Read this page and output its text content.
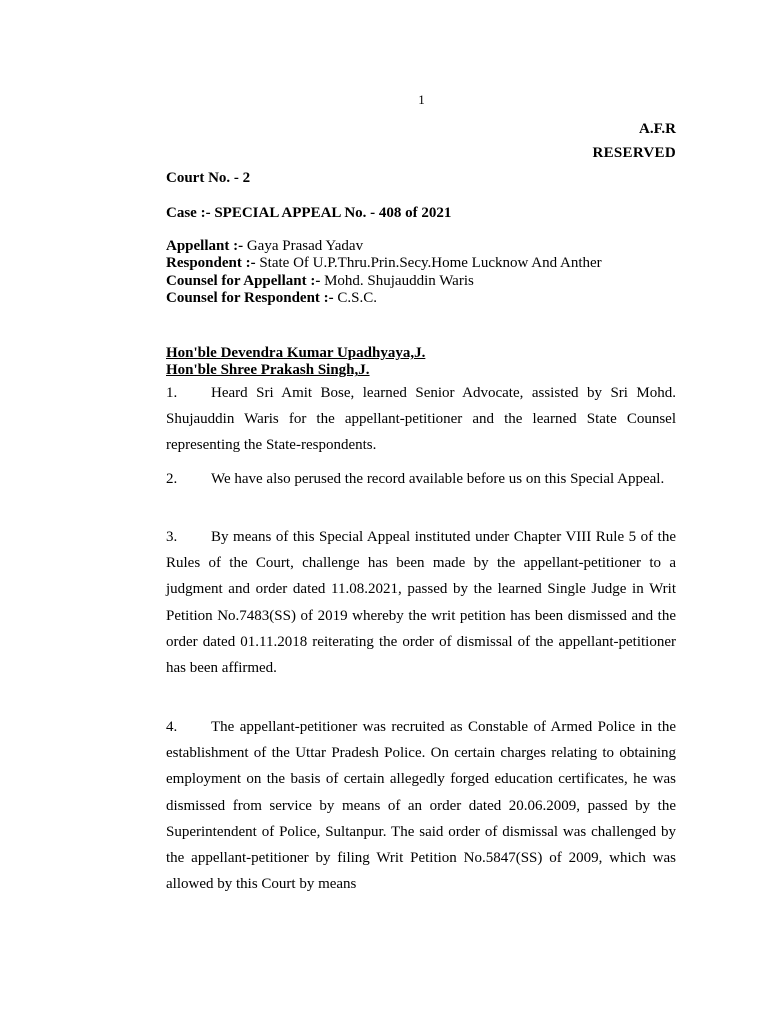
1
A.F.R
RESERVED
Court No. - 2
Case :- SPECIAL APPEAL No. - 408 of 2021
Appellant :- Gaya Prasad Yadav
Respondent :- State Of U.P.Thru.Prin.Secy.Home Lucknow And Anther
Counsel for Appellant :- Mohd. Shujauddin Waris
Counsel for Respondent :- C.S.C.
Hon'ble Devendra Kumar Upadhyaya,J.
Hon'ble Shree Prakash Singh,J.
1. Heard Sri Amit Bose, learned Senior Advocate, assisted by Sri Mohd. Shujauddin Waris for the appellant-petitioner and the learned State Counsel representing the State-respondents.
2. We have also perused the record available before us on this Special Appeal.
3. By means of this Special Appeal instituted under Chapter VIII Rule 5 of the Rules of the Court, challenge has been made by the appellant-petitioner to a judgment and order dated 11.08.2021, passed by the learned Single Judge in Writ Petition No.7483(SS) of 2019 whereby the writ petition has been dismissed and the order dated 01.11.2018 reiterating the order of dismissal of the appellant-petitioner has been affirmed.
4. The appellant-petitioner was recruited as Constable of Armed Police in the establishment of the Uttar Pradesh Police. On certain charges relating to obtaining employment on the basis of certain allegedly forged education certificates, he was dismissed from service by means of an order dated 20.06.2009, passed by the Superintendent of Police, Sultanpur. The said order of dismissal was challenged by the appellant-petitioner by filing Writ Petition No.5847(SS) of 2009, which was allowed by this Court by means
